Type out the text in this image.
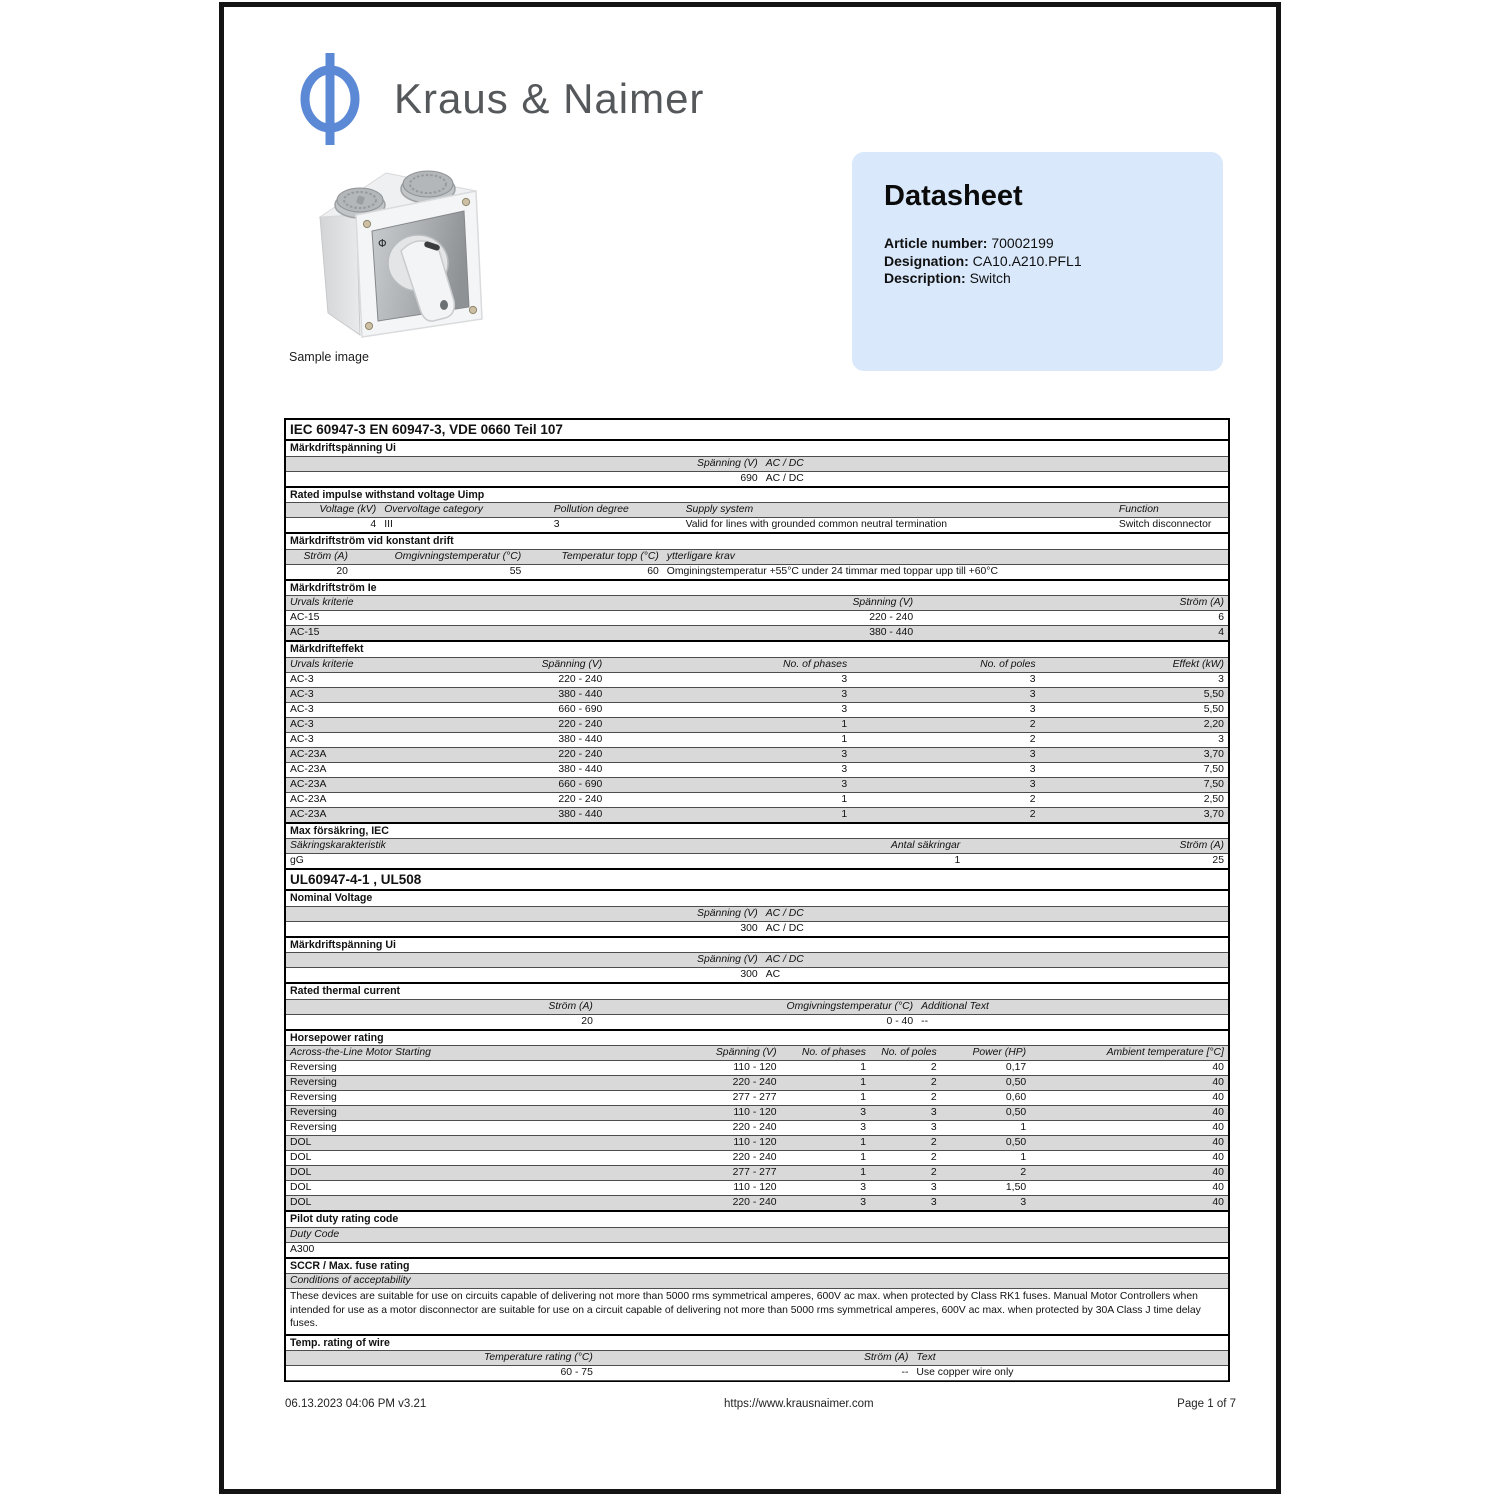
Kraus & Naimer
Φ
Sample image
Datasheet
Article number: 70002199
Designation: CA10.A210.PFL1
Description: Switch
IEC 60947-3 EN 60947-3, VDE 0660 Teil 107
Märkdriftspänning Ui
Spänning (V) AC / DC
690 AC / DC
Rated impulse withstand voltage Uimp
Voltage (kV) Overvoltage category	Pollution degree	Supply system	Function
4 III	3	Valid for lines with grounded common neutral termination	Switch disconnector
Märkdriftström vid konstant drift
Ström (A)	Omgivningstemperatur (°C)	Temperatur topp (°C) ytterligare krav
20	55	60 Omginingstemperatur +55°C under 24 timmar med toppar upp till +60°C
Märkdriftström Ie
Urvals kriterie	Spänning (V)	Ström (A)
AC-15	220 - 240	6
AC-15	380 - 440	4
Märkdrifteffekt
Urvals kriterie	Spänning (V)	No. of phases	No. of poles	Effekt (kW)
AC-3	220 - 240	3	3	3
AC-3	380 - 440	3	3	5,50
AC-3	660 - 690	3	3	5,50
AC-3	220 - 240	1	2	2,20
AC-3	380 - 440	1	2	3
AC-23A	220 - 240	3	3	3,70
AC-23A	380 - 440	3	3	7,50
AC-23A	660 - 690	3	3	7,50
AC-23A	220 - 240	1	2	2,50
AC-23A	380 - 440	1	2	3,70
Max försäkring, IEC
Säkringskarakteristik	Antal säkringar	Ström (A)
gG	1	25
UL60947-4-1 , UL508
Nominal Voltage
Spänning (V) AC / DC
300 AC / DC
Märkdriftspänning Ui
Spänning (V) AC / DC
300 AC
Rated thermal current
Ström (A)	Omgivningstemperatur (°C) Additional Text
20	0 - 40 --
Horsepower rating
Across-the-Line Motor Starting	Spänning (V)	No. of phases	No. of poles	Power (HP)	Ambient temperature [°C]
Reversing	110 - 120	1	2	0,17	40
Reversing	220 - 240	1	2	0,50	40
Reversing	277 - 277	1	2	0,60	40
Reversing	110 - 120	3	3	0,50	40
Reversing	220 - 240	3	3	1	40
DOL	110 - 120	1	2	0,50	40
DOL	220 - 240	1	2	1	40
DOL	277 - 277	1	2	2	40
DOL	110 - 120	3	3	1,50	40
DOL	220 - 240	3	3	3	40
Pilot duty rating code
Duty Code
A300
SCCR / Max. fuse rating
Conditions of acceptability
These devices are suitable for use on circuits capable of delivering not more than 5000 rms symmetrical amperes, 600V ac max. when protected by Class RK1 fuses. Manual Motor Controllers when intended for use as a motor disconnector are suitable for use on a circuit capable of delivering not more than 5000 rms symmetrical amperes, 600V ac max. when protected by 30A Class J time delay fuses.
Temp. rating of wire
Temperature rating (°C)	Ström (A) Text
60 - 75	-- Use copper wire only
06.13.2023 04:06 PM v3.21	https://www.krausnaimer.com	Page 1 of 7
